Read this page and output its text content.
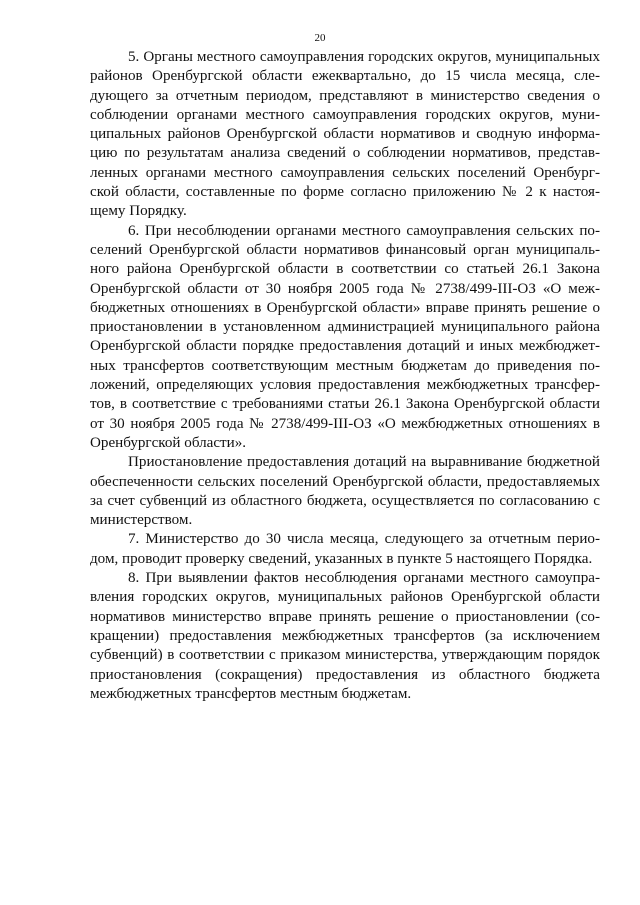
20

5. Органы местного самоуправления городских округов, муниципальных районов Оренбургской области ежеквартально, до 15 числа месяца, следующего за отчетным периодом, представляют в министерство сведения о соблюдении органами местного самоуправления городских округов, муниципальных районов Оренбургской области нормативов и сводную информацию по результатам анализа сведений о соблюдении нормативов, представленных органами местного самоуправления сельских поселений Оренбургской области, составленные по форме согласно приложению № 2 к настоящему Порядку.

6. При несоблюдении органами местного самоуправления сельских поселений Оренбургской области нормативов финансовый орган муниципального района Оренбургской области в соответствии со статьей 26.1 Закона Оренбургской области от 30 ноября 2005 года № 2738/499-III-ОЗ «О межбюджетных отношениях в Оренбургской области» вправе принять решение о приостановлении в установленном администрацией муниципального района Оренбургской области порядке предоставления дотаций и иных межбюджетных трансфертов соответствующим местным бюджетам до приведения положений, определяющих условия предоставления межбюджетных трансфертов, в соответствие с требованиями статьи 26.1 Закона Оренбургской области от 30 ноября 2005 года № 2738/499-III-ОЗ «О межбюджетных отношениях в Оренбургской области».

Приостановление предоставления дотаций на выравнивание бюджетной обеспеченности сельских поселений Оренбургской области, предоставляемых за счет субвенций из областного бюджета, осуществляется по согласованию с министерством.

7. Министерство до 30 числа месяца, следующего за отчетным периодом, проводит проверку сведений, указанных в пункте 5 настоящего Порядка.

8. При выявлении фактов несоблюдения органами местного самоуправления городских округов, муниципальных районов Оренбургской области нормативов министерство вправе принять решение о приостановлении (сокращении) предоставления межбюджетных трансфертов (за исключением субвенций) в соответствии с приказом министерства, утверждающим порядок приостановления (сокращения) предоставления из областного бюджета межбюджетных трансфертов местным бюджетам.
